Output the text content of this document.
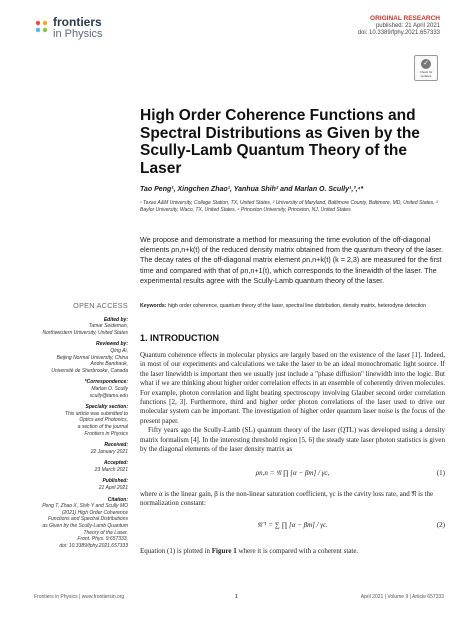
frontiers
in Physics
ORIGINAL RESEARCH
published: 21 April 2021
doi: 10.3389/fphy.2021.657333
✓
Check for updates
High Order Coherence Functions and Spectral Distributions as Given by the Scully-Lamb Quantum Theory of the Laser
Tao Peng¹, Xingchen Zhao¹, Yanhua Shih² and Marlan O. Scully¹,³,⁴*
¹ Texas A&M University, College Station, TX, United States, ² University of Maryland, Baltimore County, Baltimore, MD, United States, ³ Baylor University, Waco, TX, United States, ⁴ Princeton University, Princeton, NJ, United States
We propose and demonstrate a method for measuring the time evolution of the off-diagonal elements ρn,n+k(t) of the reduced density matrix obtained from the quantum theory of the laser. The decay rates of the off-diagonal matrix element ρn,n+k(t) (k = 2,3) are measured for the first time and compared with that of ρn,n+1(t), which corresponds to the linewidth of the laser. The experimental results agree with the Scully-Lamb quantum theory of the laser.
Keywords: high order coherence, quantum theory of the laser, spectral line distribution, density matrix, heterodyne detection
OPEN ACCESS
Edited by:
Tamar Seideman,
Northwestern University, United States
Reviewed by:
Qing Ai,
Beijing Normal University, China
Andre Bandrauk,
Université de Sherbrooke, Canada
*Correspondence:
Marlan O. Scully
scully@tamu.edu
Specialty section:
This article was submitted to
Optics and Photonics,
a section of the journal
Frontiers in Physics
Received:
22 January 2021
Accepted:
23 March 2021
Published:
21 April 2021
Citation:
Peng T, Zhao X, Shih Y and Scully MO
(2021) High Order Coherence
Functions and Spectral Distributions
as Given by the Scully-Lamb Quantum
Theory of the Laser.
Front. Phys. 9:657333.
doi: 10.3389/fphy.2021.657333
1. INTRODUCTION

Quantum coherence effects in molecular physics are largely based on the existence of the laser [1]. Indeed, in most of our experiments and calculations we take the laser to be an ideal monochromatic light source. If the laser linewidth is important then we usually just include a "phase diffusion" linewidth into the logic. But what if we are thinking about higher order correlation effects in an ensemble of coherently driven molecules. For example, photon correlation and light beating spectroscopy involving Glauber second order correlation functions [2, 3]. Furthermore, third and higher order photon correlations of the laser used to drive our molecular system can be important. The investigation of higher order quantum laser noise is the focus of the present paper.

Fifty years ago the Scully-Lamb (SL) quantum theory of the laser (QTL) was developed using a density matrix formalism [4]. In the interesting threshold region [5, 6] the steady state laser photon statistics is given by the diagonal elements of the laser density matrix as

ρn,n = 𝔑 ∏ [α − βm] / γc,	(1)
where α is the linear gain, β is the non-linear saturation coefficient, γc is the cavity loss rate, and 𝔑 is the normalization constant:
𝔑⁻¹ = ∑ ∏ [α − βm] / γc.	(2)
Equation (1) is plotted in Figure 1 where it is compared with a coherent state.
Frontiers in Physics | www.frontiersin.org	1	April 2021 | Volume 9 | Article 657333
